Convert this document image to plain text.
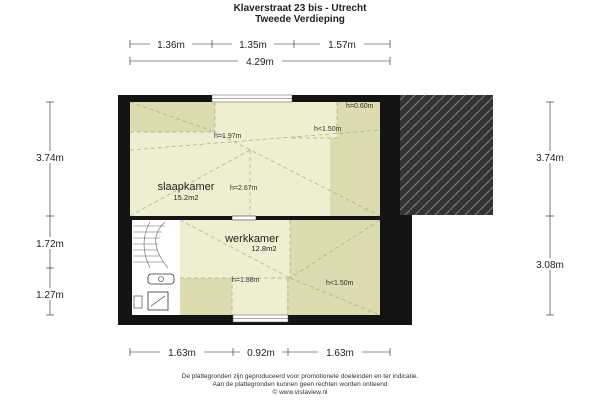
Klaverstraat 23 bis - Utrecht
Tweede Verdieping
slaapkamer
15.2m2
werkkamer
12.8m2
h=0.60m
h=1.97m
h<1.50m
h=2.67m
h=1.88m	h<1.50m
1.36m	1.35m	1.57m
4.29m
3.74m
1.72m
1.27m
3.74m
3.08m
1.63m	0.92m	1.63m
De plattegronden zijn geproduceerd voor promotionele doeleinden en ter indicatie.
Aan de plattegronden kunnen geen rechten worden ontleend
© www.vistaview.nl
